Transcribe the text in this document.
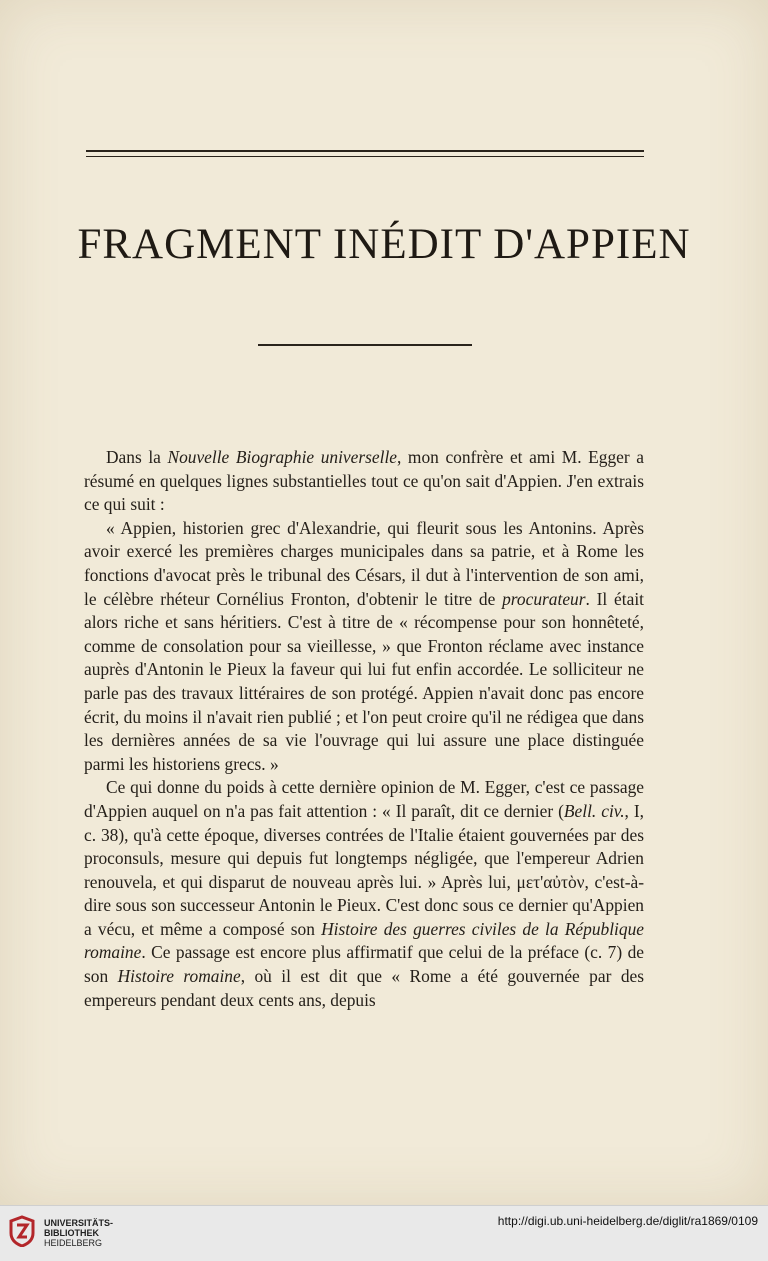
FRAGMENT INÉDIT D'APPIEN

Dans la Nouvelle Biographie universelle, mon confrère et ami M. Egger a résumé en quelques lignes substantielles tout ce qu'on sait d'Appien. J'en extrais ce qui suit :

« Appien, historien grec d'Alexandrie, qui fleurit sous les Antonins. Après avoir exercé les premières charges municipales dans sa patrie, et à Rome les fonctions d'avocat près le tribunal des Césars, il dut à l'intervention de son ami, le célèbre rhéteur Cornélius Fronton, d'obtenir le titre de procurateur. Il était alors riche et sans héritiers. C'est à titre de « récompense pour son honnêteté, comme de consolation pour sa vieillesse, » que Fronton réclame avec instance auprès d'Antonin le Pieux la faveur qui lui fut enfin accordée. Le solliciteur ne parle pas des travaux littéraires de son protégé. Appien n'avait donc pas encore écrit, du moins il n'avait rien publié ; et l'on peut croire qu'il ne rédigea que dans les dernières années de sa vie l'ouvrage qui lui assure une place distinguée parmi les historiens grecs. »

Ce qui donne du poids à cette dernière opinion de M. Egger, c'est ce passage d'Appien auquel on n'a pas fait attention : « Il paraît, dit ce dernier (Bell. civ., I, c. 38), qu'à cette époque, diverses contrées de l'Italie étaient gouvernées par des proconsuls, mesure qui depuis fut longtemps négligée, que l'empereur Adrien renouvela, et qui disparut de nouveau après lui. » Après lui, μετ'αὐτὸν, c'est-à-dire sous son successeur Antonin le Pieux. C'est donc sous ce dernier qu'Appien a vécu, et même a composé son Histoire des guerres civiles de la République romaine. Ce passage est encore plus affirmatif que celui de la préface (c. 7) de son Histoire romaine, où il est dit que « Rome a été gouvernée par des empereurs pendant deux cents ans, depuis

UNIVERSITÄTS-
BIBLIOTHEK
HEIDELBERG
http://digi.ub.uni-heidelberg.de/diglit/ra1869/0109
